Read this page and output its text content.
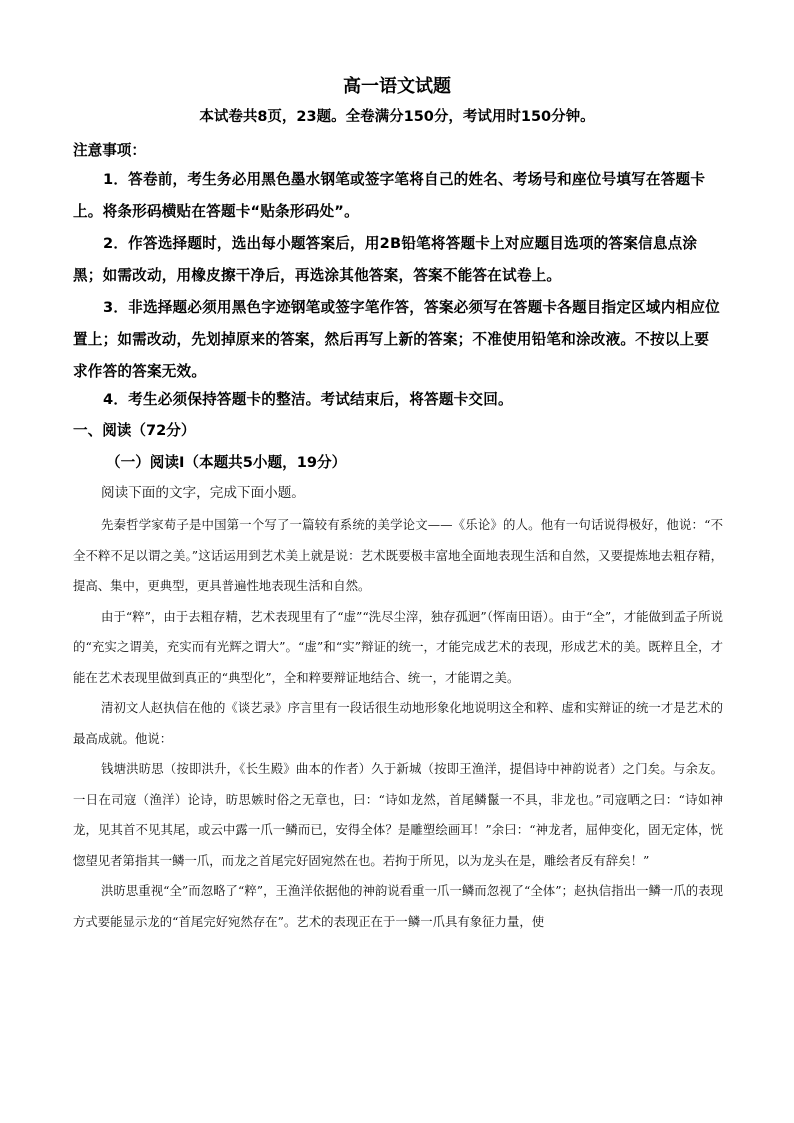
高一语文试题
本试卷共8页，23题。全卷满分150分，考试用时150分钟。
注意事项：
1．答卷前，考生务必用黑色墨水钢笔或签字笔将自己的姓名、考场号和座位号填写在答题卡上。将条形码横贴在答题卡“贴条形码处”。
2．作答选择题时，选出每小题答案后，用2B铅笔将答题卡上对应题目选项的答案信息点涂黑；如需改动，用橡皮擦干净后，再选涂其他答案，答案不能答在试卷上。
3．非选择题必须用黑色字迹钢笔或签字笔作答，答案必须写在答题卡各题目指定区域内相应位置上；如需改动，先划掉原来的答案，然后再写上新的答案；不准使用铅笔和涂改液。不按以上要求作答的答案无效。
4．考生必须保持答题卡的整洁。考试结束后，将答题卡交回。
一、阅读（72分）
（一）阅读Ⅰ（本题共5小题，19分）
阅读下面的文字，完成下面小题。

先秦哲学家荀子是中国第一个写了一篇较有系统的美学论文——《乐论》的人。他有一句话说得极好，他说：“不全不粹不足以谓之美。”这话运用到艺术美上就是说：艺术既要极丰富地全面地表现生活和自然，又要提炼地去粗存精，提高、集中，更典型，更具普遍性地表现生活和自然。

由于“粹”，由于去粗存精，艺术表现里有了“虚”“洗尽尘滓，独存孤迥”（恽南田语）。由于“全”，才能做到孟子所说的“充实之谓美，充实而有光辉之谓大”。“虚”和“实”辩证的统一，才能完成艺术的表现，形成艺术的美。既粹且全，才能在艺术表现里做到真正的“典型化”，全和粹要辩证地结合、统一，才能谓之美。

清初文人赵执信在他的《谈艺录》序言里有一段话很生动地形象化地说明这全和粹、虚和实辩证的统一才是艺术的最高成就。他说：

钱塘洪昉思（按即洪升，《长生殿》曲本的作者）久于新城（按即王渔洋，提倡诗中神韵说者）之门矣。与余友。一日在司寇（渔洋）论诗，昉思嫉时俗之无章也，曰：“诗如龙然，首尾鳞鬣一不具，非龙也。”司寇哂之曰：“诗如神龙，见其首不见其尾，或云中露一爪一鳞而已，安得全体？是雕塑绘画耳！”余曰：“神龙者，屈伸变化，固无定体，恍惚望见者第指其一鳞一爪，而龙之首尾完好固宛然在也。若拘于所见，以为龙头在是，雕绘者反有辞矣！”

洪昉思重视“全”而忽略了“粹”，王渔洋依据他的神韵说看重一爪一鳞而忽视了“全体”；赵执信指出一鳞一爪的表现方式要能显示龙的“首尾完好宛然存在”。艺术的表现正在于一鳞一爪具有象征力量，使
